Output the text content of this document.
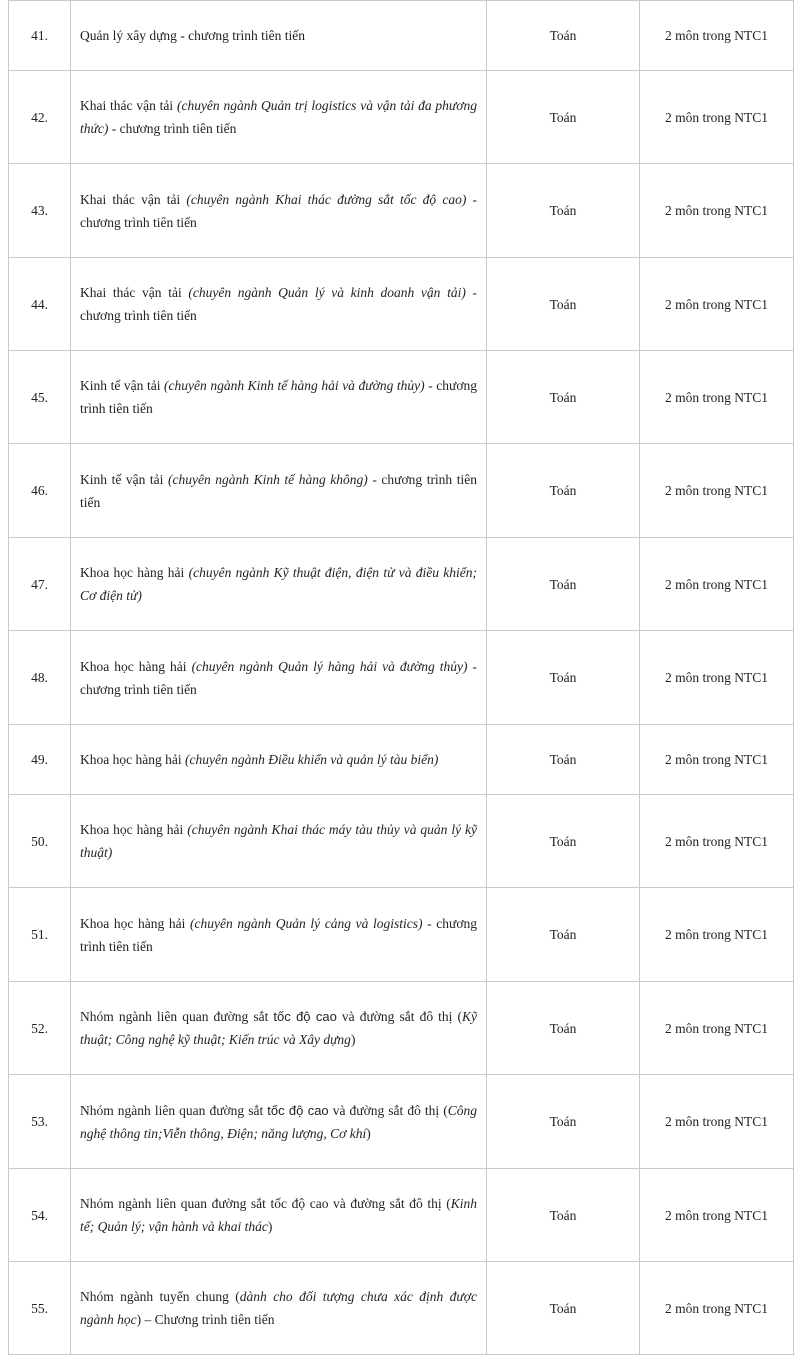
41.	Quản lý xây dựng - chương trình tiên tiến	Toán	2 môn trong NTC1
42.	Khai thác vận tải (chuyên ngành Quản trị logistics và vận tải đa phương thức) - chương trình tiên tiến	Toán	2 môn trong NTC1
43.	Khai thác vận tải (chuyên ngành Khai thác đường sắt tốc độ cao) - chương trình tiên tiến	Toán	2 môn trong NTC1
44.	Khai thác vận tải (chuyên ngành Quản lý và kinh doanh vận tải) - chương trình tiên tiến	Toán	2 môn trong NTC1
45.	Kinh tế vận tải (chuyên ngành Kinh tế hàng hải và đường thủy) - chương trình tiên tiến	Toán	2 môn trong NTC1
46.	Kinh tế vận tải (chuyên ngành Kinh tế hàng không) - chương trình tiên tiến	Toán	2 môn trong NTC1
47.	Khoa học hàng hải (chuyên ngành Kỹ thuật điện, điện tử và điều khiển; Cơ điện tử)	Toán	2 môn trong NTC1
48.	Khoa học hàng hải (chuyên ngành Quản lý hàng hải và đường thủy) - chương trình tiên tiến	Toán	2 môn trong NTC1
49.	Khoa học hàng hải (chuyên ngành Điều khiển và quản lý tàu biển)	Toán	2 môn trong NTC1
50.	Khoa học hàng hải (chuyên ngành Khai thác máy tàu thủy và quản lý kỹ thuật)	Toán	2 môn trong NTC1
51.	Khoa học hàng hải (chuyên ngành Quản lý cảng và logistics) - chương trình tiên tiến	Toán	2 môn trong NTC1
52.	Nhóm ngành liên quan đường sắt tốc độ cao và đường sắt đô thị (Kỹ thuật; Công nghệ kỹ thuật; Kiến trúc và Xây dựng)	Toán	2 môn trong NTC1
53.	Nhóm ngành liên quan đường sắt tốc độ cao và đường sắt đô thị (Công nghệ thông tin;Viễn thông, Điện; năng lượng, Cơ khí)	Toán	2 môn trong NTC1
54.	Nhóm ngành liên quan đường sắt tốc độ cao và đường sắt đô thị (Kinh tế; Quản lý; vận hành và khai thác)	Toán	2 môn trong NTC1
55.	Nhóm ngành tuyển chung (dành cho đối tượng chưa xác định được ngành học) – Chương trình tiên tiến	Toán	2 môn trong NTC1
